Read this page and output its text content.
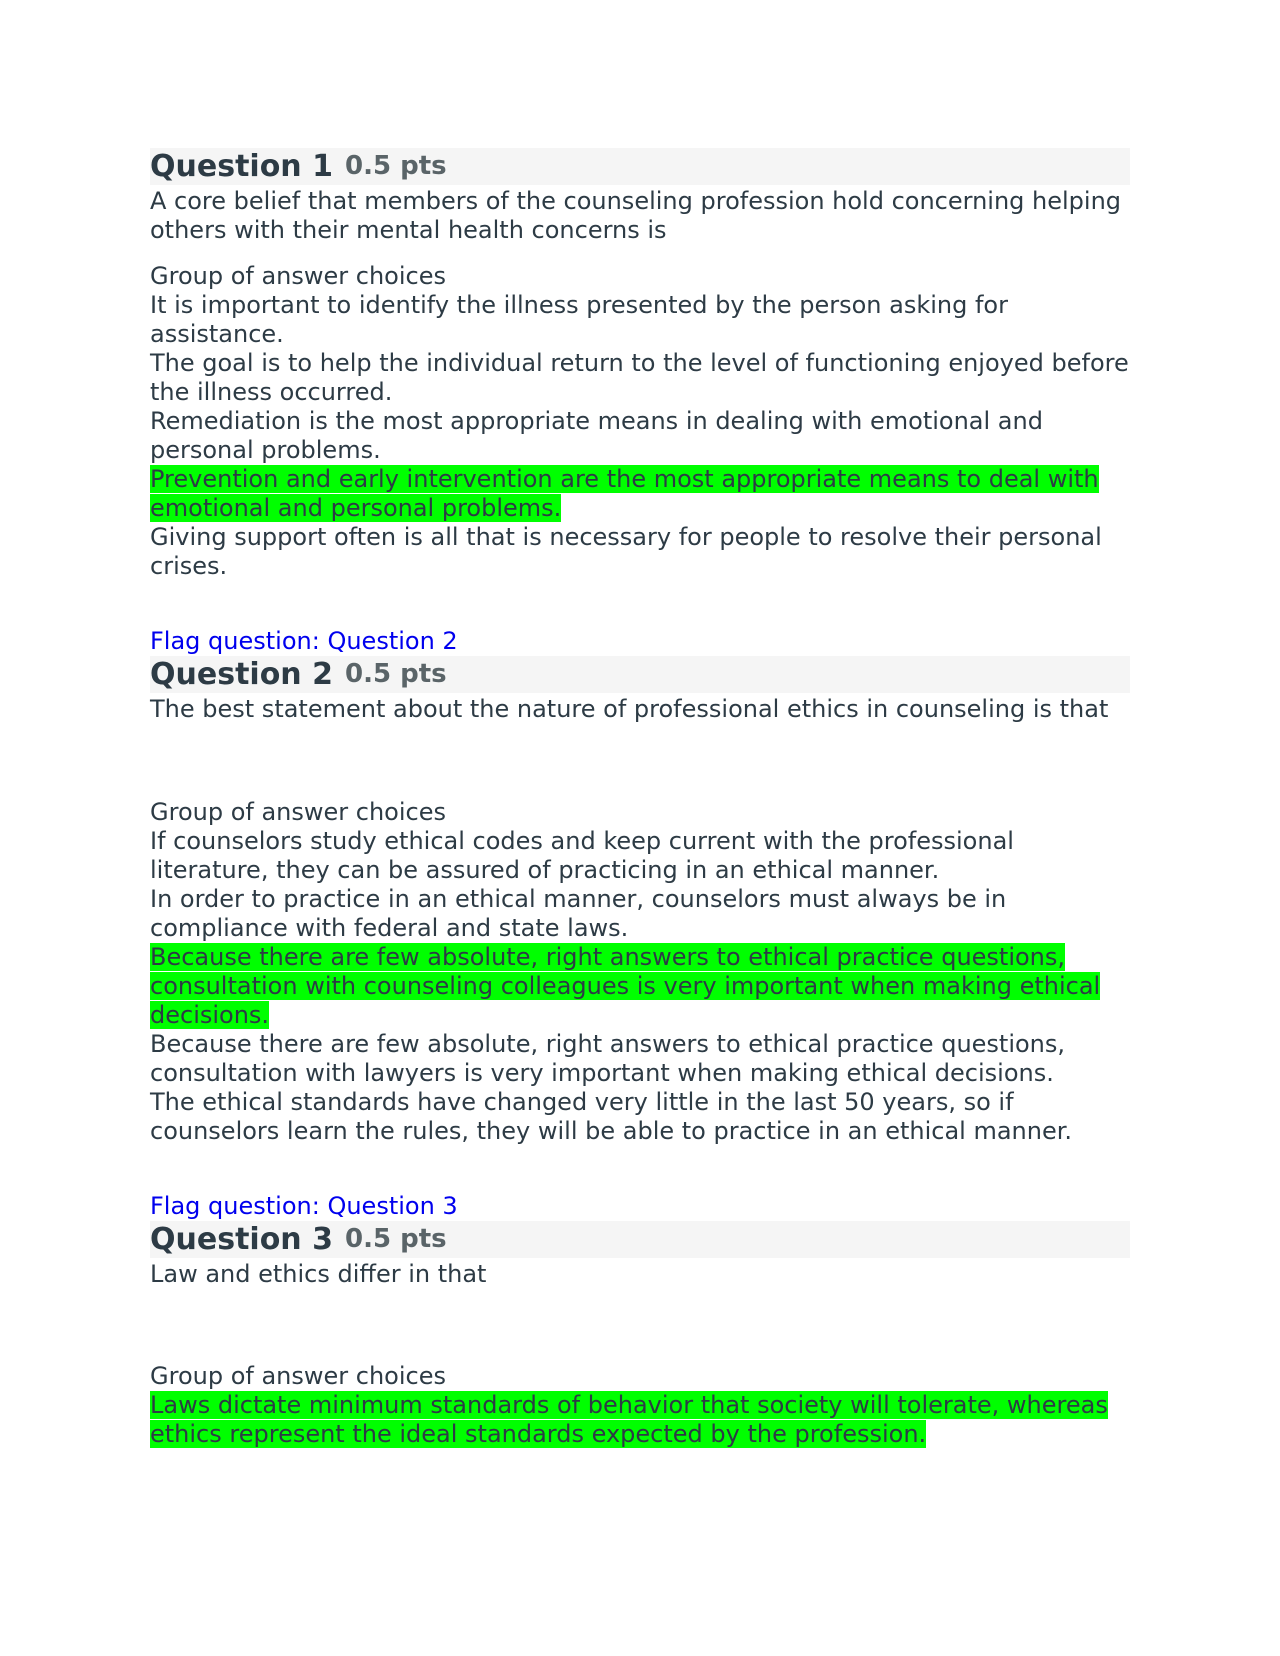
Question 1 0.5 pts

A core belief that members of the counseling profession hold concerning helping others with their mental health concerns is

Group of answer choices

It is important to identify the illness presented by the person asking for assistance.
The goal is to help the individual return to the level of functioning enjoyed before the illness occurred.
Remediation is the most appropriate means in dealing with emotional and personal problems.
Prevention and early intervention are the most appropriate means to deal with emotional and personal problems.
Giving support often is all that is necessary for people to resolve their personal crises.
Flag question: Question 2
Question 2 0.5 pts

The best statement about the nature of professional ethics in counseling is that

Group of answer choices

If counselors study ethical codes and keep current with the professional literature, they can be assured of practicing in an ethical manner.
In order to practice in an ethical manner, counselors must always be in compliance with federal and state laws.
Because there are few absolute, right answers to ethical practice questions, consultation with counseling colleagues is very important when making ethical decisions.
Because there are few absolute, right answers to ethical practice questions, consultation with lawyers is very important when making ethical decisions.
The ethical standards have changed very little in the last 50 years, so if counselors learn the rules, they will be able to practice in an ethical manner.
Flag question: Question 3
Question 3 0.5 pts

Law and ethics differ in that

Group of answer choices

Laws dictate minimum standards of behavior that society will tolerate, whereas ethics represent the ideal standards expected by the profession.
